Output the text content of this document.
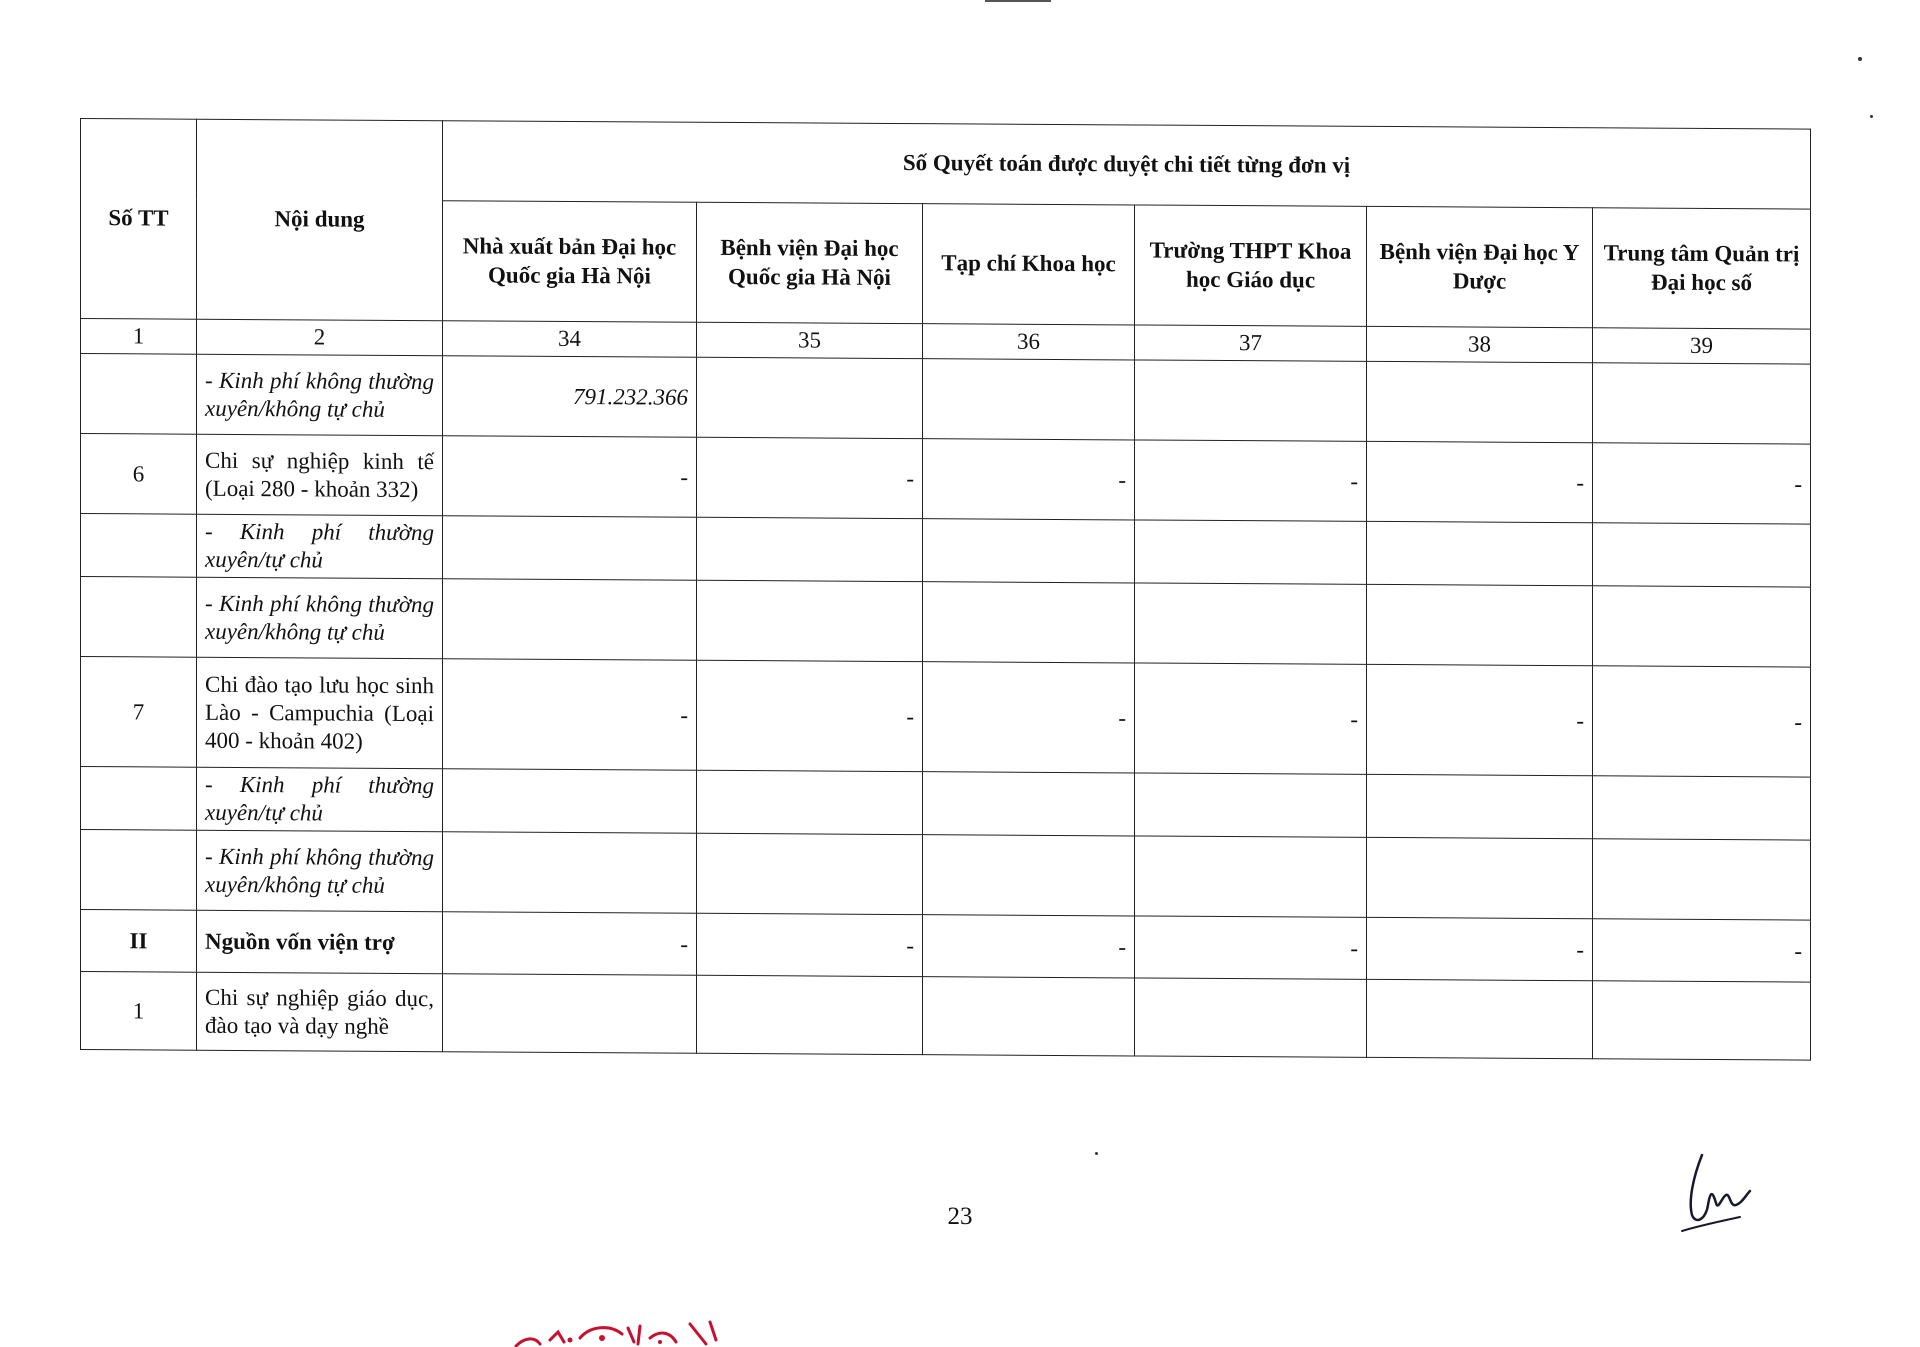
Số TT	Nội dung	Số Quyết toán được duyệt chi tiết từng đơn vị					
		Nhà xuất bản Đại học Quốc gia Hà Nội	Bệnh viện Đại học Quốc gia Hà Nội	Tạp chí Khoa học	Trường THPT Khoa học Giáo dục	Bệnh viện Đại học Y Dược	Trung tâm Quản trị Đại học số
1	2	34	35	36	37	38	39
	- Kinh phí không thường xuyên/không tự chủ	791.232.366					
6	Chi sự nghiệp kinh tế (Loại 280 - khoản 332)	-	-	-	-	-	-
	- Kinh phí thường xuyên/tự chủ						
	- Kinh phí không thường xuyên/không tự chủ						
7	Chi đào tạo lưu học sinh Lào - Campuchia (Loại 400 - khoản 402)	-	-	-	-	-	-
	- Kinh phí thường xuyên/tự chủ						
	- Kinh phí không thường xuyên/không tự chủ						
II	Nguồn vốn viện trợ	-	-	-	-	-	-
1	Chi sự nghiệp giáo dục, đào tạo và dạy nghề						
23
